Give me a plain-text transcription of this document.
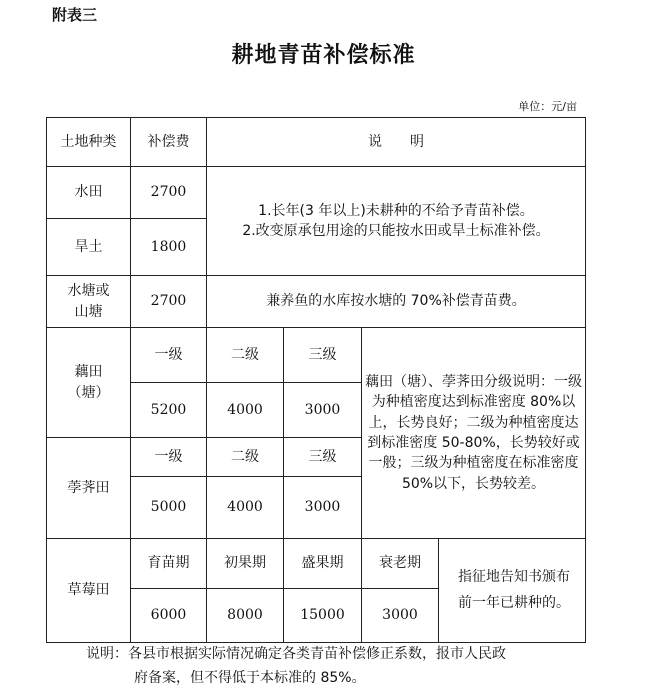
附表三
耕地青苗补偿标准
单位：元/亩
土地种类	补偿费	说　　明			
水田	2700	1.长年(3 年以上)未耕种的不给予青苗补偿。
2.改变原承包用途的只能按水田或旱土标准补偿。			

旱土	1800				
水塘或山塘	2700	兼养鱼的水库按水塘的 70%补偿青苗费。			
藕田（塘）	一级	二级	三级	藕田（塘）、荸荠田分级说明：一级为种植密度达到标准密度 80%以上，长势良好；二级为种植密度达到标准密度 50-80%，长势较好或一般；三级为种植密度在标准密度 50%以下，长势较差。	
	5200	4000	3000		
荸荠田	一级	二级	三级		
	5000	4000	3000		
草莓田	育苗期	初果期	盛果期	衰老期	指征地告知书颁布前一年已耕种的。
	6000	8000	15000	3000	
说明：各县市根据实际情况确定各类青苗补偿修正系数，报市人民政
府备案，但不得低于本标准的 85%。
